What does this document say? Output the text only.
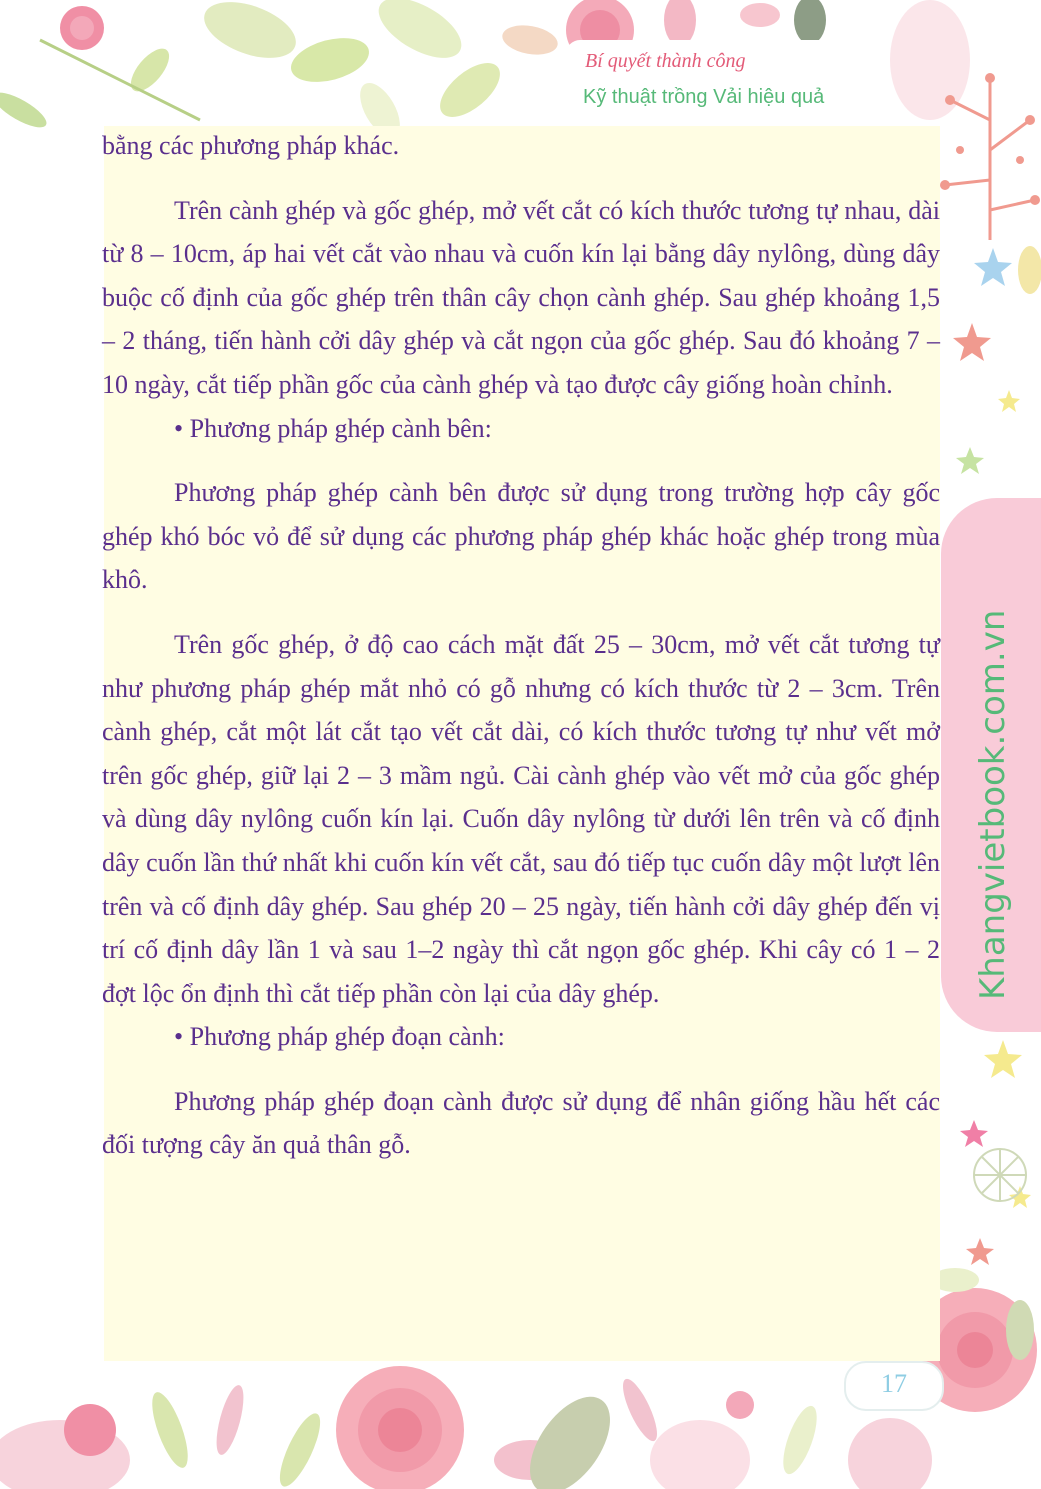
Bí quyết thành công
Kỹ thuật trồng Vải hiệu quả

bằng các phương pháp khác.

Trên cành ghép và gốc ghép, mở vết cắt có kích thước tương tự nhau, dài từ 8 – 10cm, áp hai vết cắt vào nhau và cuốn kín lại bằng dây nylông, dùng dây buộc cố định của gốc ghép trên thân cây chọn cành ghép. Sau ghép khoảng 1,5 – 2 tháng, tiến hành cởi dây ghép và cắt ngọn của gốc ghép. Sau đó khoảng 7 – 10 ngày, cắt tiếp phần gốc của cành ghép và tạo được cây giống hoàn chỉnh.

• Phương pháp ghép cành bên:

Phương pháp ghép cành bên được sử dụng trong trường hợp cây gốc ghép khó bóc vỏ để sử dụng các phương pháp ghép khác hoặc ghép trong mùa khô.

Trên gốc ghép, ở độ cao cách mặt đất 25 – 30cm, mở vết cắt tương tự như phương pháp ghép mắt nhỏ có gỗ nhưng có kích thước từ 2 – 3cm. Trên cành ghép, cắt một lát cắt tạo vết cắt dài, có kích thước tương tự như vết mở trên gốc ghép, giữ lại 2 – 3 mầm ngủ. Cài cành ghép vào vết mở của gốc ghép và dùng dây nylông cuốn kín lại. Cuốn dây nylông từ dưới lên trên và cố định dây cuốn lần thứ nhất khi cuốn kín vết cắt, sau đó tiếp tục cuốn dây một lượt lên trên và cố định dây ghép. Sau ghép 20 – 25 ngày, tiến hành cởi dây ghép đến vị trí cố định dây lần 1 và sau 1–2 ngày thì cắt ngọn gốc ghép. Khi cây có 1 – 2 đợt lộc ổn định thì cắt tiếp phần còn lại của dây ghép.

• Phương pháp ghép đoạn cành:

Phương pháp ghép đoạn cành được sử dụng để nhân giống hầu hết các đối tượng cây ăn quả thân gỗ.

Khangvietbook.com.vn
17
